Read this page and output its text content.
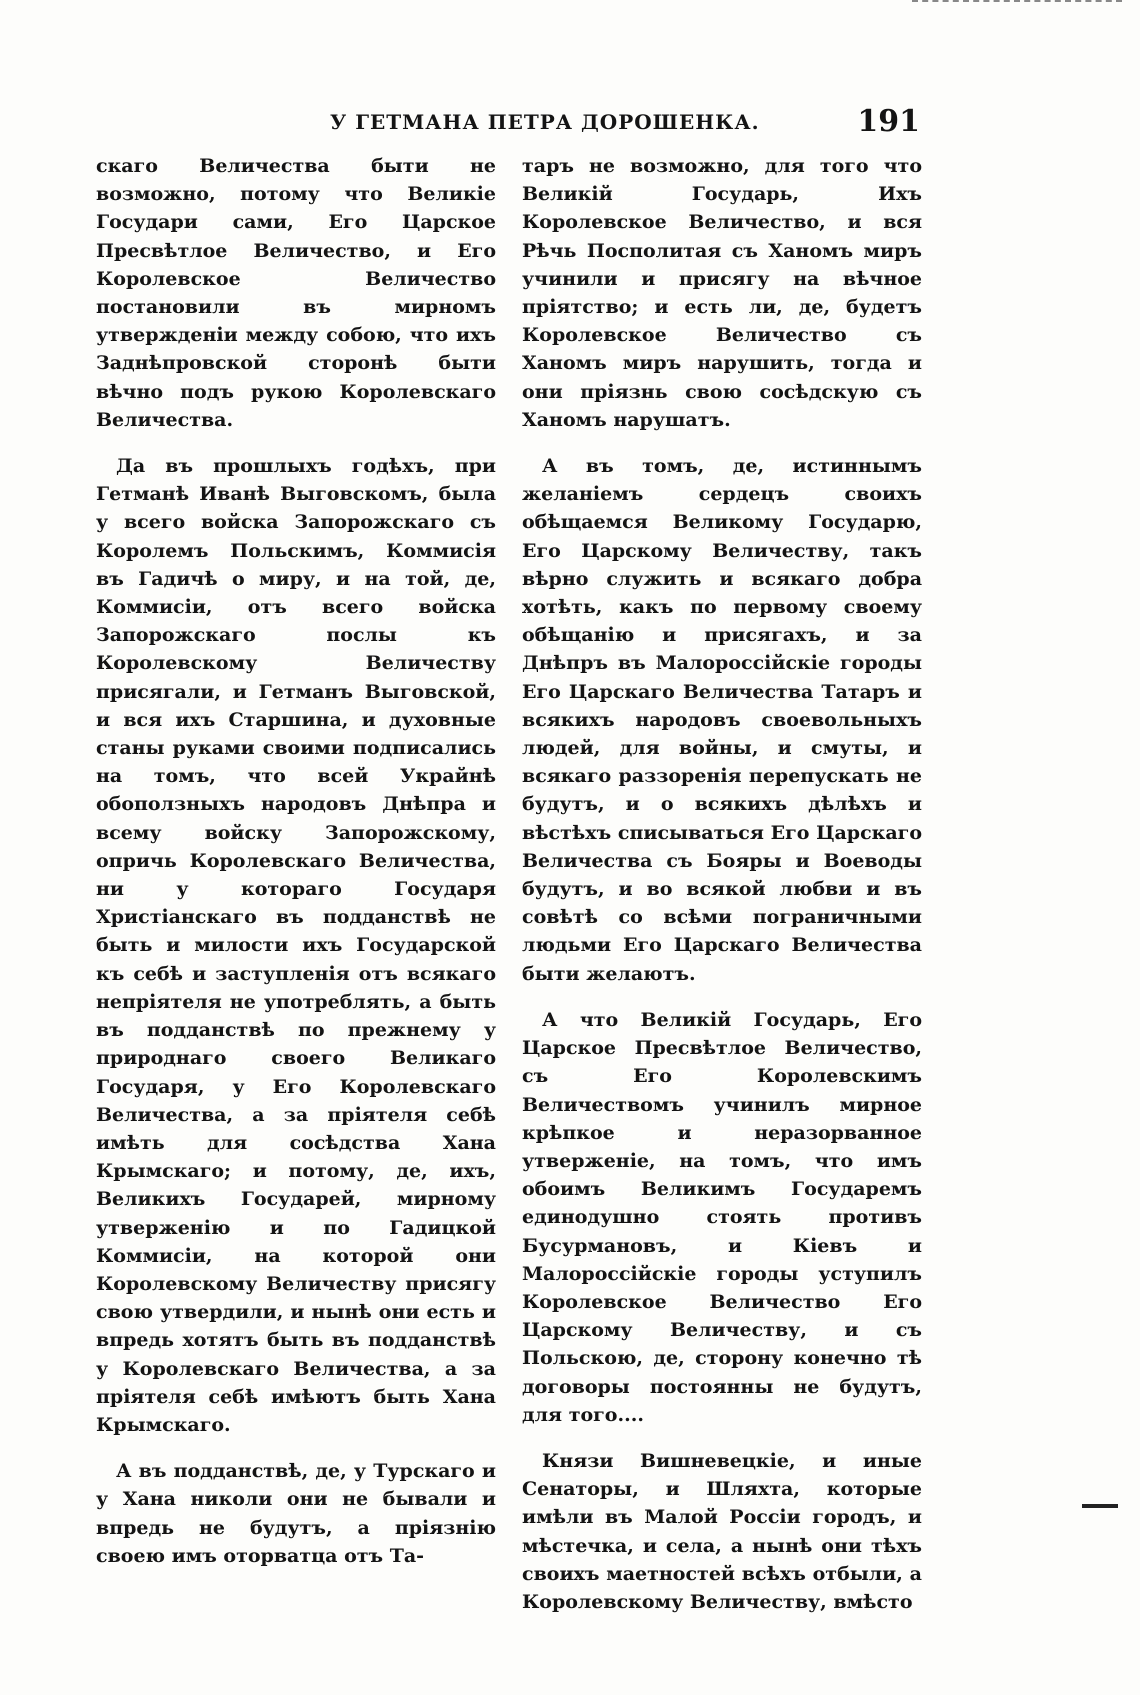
У ГЕТМАНА ПЕТРА ДОРОШЕНКА.	191

скаго Величества быти не возможно, потому что Великіе Государи сами, Его Царское Пресвѣтлое Величество, и Его Королевское Величество постановили въ мирномъ утвержденіи между собою, что ихъ Заднѣпровской сторонѣ быти вѣчно подъ рукою Королевскаго Величества.

Да въ прошлыхъ годѣхъ, при Гетманѣ Иванѣ Выговскомъ, была у всего войска Запорожскаго съ Королемъ Польскимъ, Коммисія въ Гадичѣ о миру, и на той, де, Коммисіи, отъ всего войска Запорожскаго послы къ Королевскому Величеству присягали, и Гетманъ Выговской, и вся ихъ Старшина, и духовные станы руками своими подписались на томъ, что всей Украйнѣ обоползныхъ народовъ Днѣпра и всему войску Запорожскому, опричь Королевскаго Величества, ни у котораго Государя Христіанскаго въ подданствѣ не быть и милости ихъ Государской къ себѣ и заступленія отъ всякаго непріятеля не употреблять, а быть въ подданствѣ по прежнему у природнаго своего Великаго Государя, у Его Королевскаго Величества, а за пріятеля себѣ имѣть для сосѣдства Хана Крымскаго; и потому, де, ихъ, Великихъ Государей, мирному утверженію и по Гадицкой Коммисіи, на которой они Королевскому Величеству присягу свою утвердили, и нынѣ они есть и впредь хотятъ быть въ подданствѣ у Королевскаго Величества, а за пріятеля себѣ имѣютъ быть Хана Крымскаго.

А въ подданствѣ, де, у Турскаго и у Хана николи они не бывали и впредь не будутъ, а пріязнію своею имъ оторватца отъ Та-

таръ не возможно, для того что Великій Государь, Ихъ Королевское Величество, и вся Рѣчь Посполитая съ Ханомъ миръ учинили и присягу на вѣчное пріятство; и есть ли, де, будетъ Королевское Величество съ Ханомъ миръ нарушить, тогда и они пріязнь свою сосѣдскую съ Ханомъ нарушатъ.

А въ томъ, де, истиннымъ желаніемъ сердецъ своихъ обѣщаемся Великому Государю, Его Царскому Величеству, такъ вѣрно служить и всякаго добра хотѣть, какъ по первому своему обѣщанію и присягахъ, и за Днѣпръ въ Малороссійскіе городы Его Царскаго Величества Татаръ и всякихъ народовъ своевольныхъ людей, для войны, и смуты, и всякаго раззоренія перепускать не будутъ, и о всякихъ дѣлѣхъ и вѣстѣхъ списываться Его Царскаго Величества съ Бояры и Воеводы будутъ, и во всякой любви и въ совѣтѣ со всѣми пограничными людьми Его Царскаго Величества быти желаютъ.

А что Великій Государь, Его Царское Пресвѣтлое Величество, съ Его Королевскимъ Величествомъ учинилъ мирное крѣпкое и неразорванное утверженіе, на томъ, что имъ обоимъ Великимъ Государемъ единодушно стоять противъ Бусурмановъ, и Кіевъ и Малороссійскіе городы уступилъ Королевское Величество Его Царскому Величеству, и съ Польскою, де, сторону конечно тѣ договоры постоянны не будутъ, для того....

Князи Вишневецкіе, и иные Сенаторы, и Шляхта, которые имѣли въ Малой Россіи городъ, и мѣстечка, и села, а нынѣ они тѣхъ своихъ маетностей всѣхъ отбыли, а Королевскому Величеству, вмѣсто
